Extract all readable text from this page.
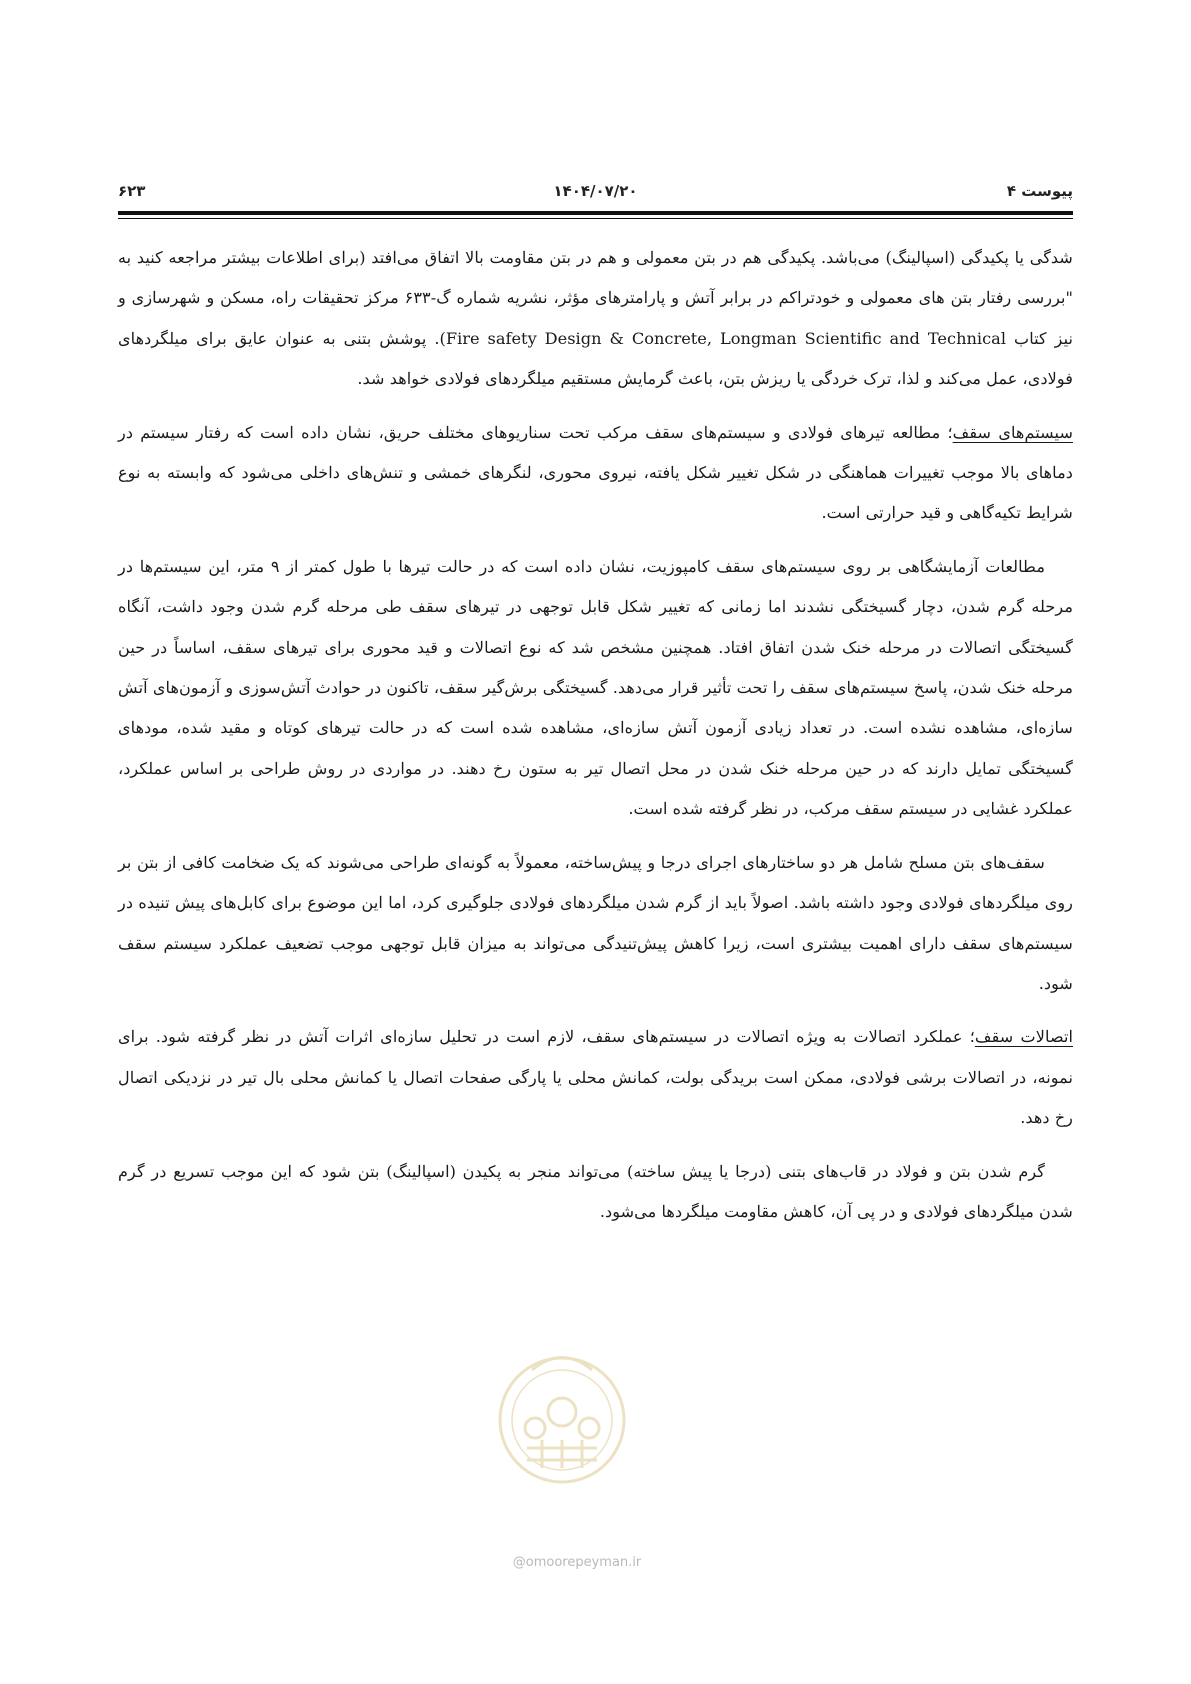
پیوست ۴
۱۴۰۴/۰۷/۲۰
۶۲۳

شدگی یا پکیدگی (اسپالینگ) می‌باشد. پکیدگی هم در بتن معمولی و هم در بتن مقاومت بالا اتفاق می‌افتد (برای اطلاعات بیشتر مراجعه کنید به "بررسی رفتار بتن های معمولی و خودتراکم در برابر آتش و پارامترهای مؤثر، نشریه شماره گ-۶۳۳ مرکز تحقیقات راه، مسکن و شهرسازی و نیز کتاب Fire safety Design & Concrete, Longman Scientific and Technical). پوشش بتنی به عنوان عایق برای میلگردهای فولادی، عمل می‌کند و لذا، ترک خردگی یا ریزش بتن، باعث گرمایش مستقیم میلگردهای فولادی خواهد شد.

سیستم‌های سقف؛ مطالعه تیرهای فولادی و سیستم‌های سقف مرکب تحت سناریوهای مختلف حریق، نشان داده است که رفتار سیستم در دماهای بالا موجب تغییرات هماهنگی در شکل تغییر شکل یافته، نیروی محوری، لنگرهای خمشی و تنش‌های داخلی می‌شود که وابسته به نوع شرایط تکیه‌گاهی و قید حرارتی است.

مطالعات آزمایشگاهی بر روی سیستم‌های سقف کامپوزیت، نشان داده است که در حالت تیرها با طول کمتر از ۹ متر، این سیستم‌ها در مرحله گرم شدن، دچار گسیختگی نشدند اما زمانی که تغییر شکل قابل توجهی در تیرهای سقف طی مرحله گرم شدن وجود داشت، آنگاه گسیختگی اتصالات در مرحله خنک شدن اتفاق افتاد. همچنین مشخص شد که نوع اتصالات و قید محوری برای تیرهای سقف، اساساً در حین مرحله خنک شدن، پاسخ سیستم‌های سقف را تحت تأثیر قرار می‌دهد. گسیختگی برش‌گیر سقف، تاکنون در حوادث آتش‌سوزی و آزمون‌های آتش سازه‌ای، مشاهده نشده است. در تعداد زیادی آزمون آتش سازه‌ای، مشاهده شده است که در حالت تیرهای کوتاه و مقید شده، مودهای گسیختگی تمایل دارند که در حین مرحله خنک شدن در محل اتصال تیر به ستون رخ دهند. در مواردی در روش طراحی بر اساس عملکرد، عملکرد غشایی در سیستم سقف مرکب، در نظر گرفته شده است.

سقف‌های بتن مسلح شامل هر دو ساختارهای اجرای درجا و پیش‌ساخته، معمولاً به گونه‌ای طراحی می‌شوند که یک ضخامت کافی از بتن بر روی میلگردهای فولادی وجود داشته باشد. اصولاً باید از گرم شدن میلگردهای فولادی جلوگیری کرد، اما این موضوع برای کابل‌های پیش تنیده در سیستم‌های سقف دارای اهمیت بیشتری است، زیرا کاهش پیش‌تنیدگی می‌تواند به میزان قابل توجهی موجب تضعیف عملکرد سیستم سقف شود.

اتصالات سقف؛ عملکرد اتصالات به ویژه اتصالات در سیستم‌های سقف، لازم است در تحلیل سازه‌ای اثرات آتش در نظر گرفته شود. برای نمونه، در اتصالات برشی فولادی، ممکن است بریدگی بولت، کمانش محلی یا پارگی صفحات اتصال یا کمانش محلی بال تیر در نزدیکی اتصال رخ دهد.

گرم شدن بتن و فولاد در قاب‌های بتنی (درجا یا پیش ساخته) می‌تواند منجر به پکیدن (اسپالینگ) بتن شود که این موجب تسریع در گرم شدن میلگردهای فولادی و در پی آن، کاهش مقاومت میلگردها می‌شود.

@omoorepeyman.ir
